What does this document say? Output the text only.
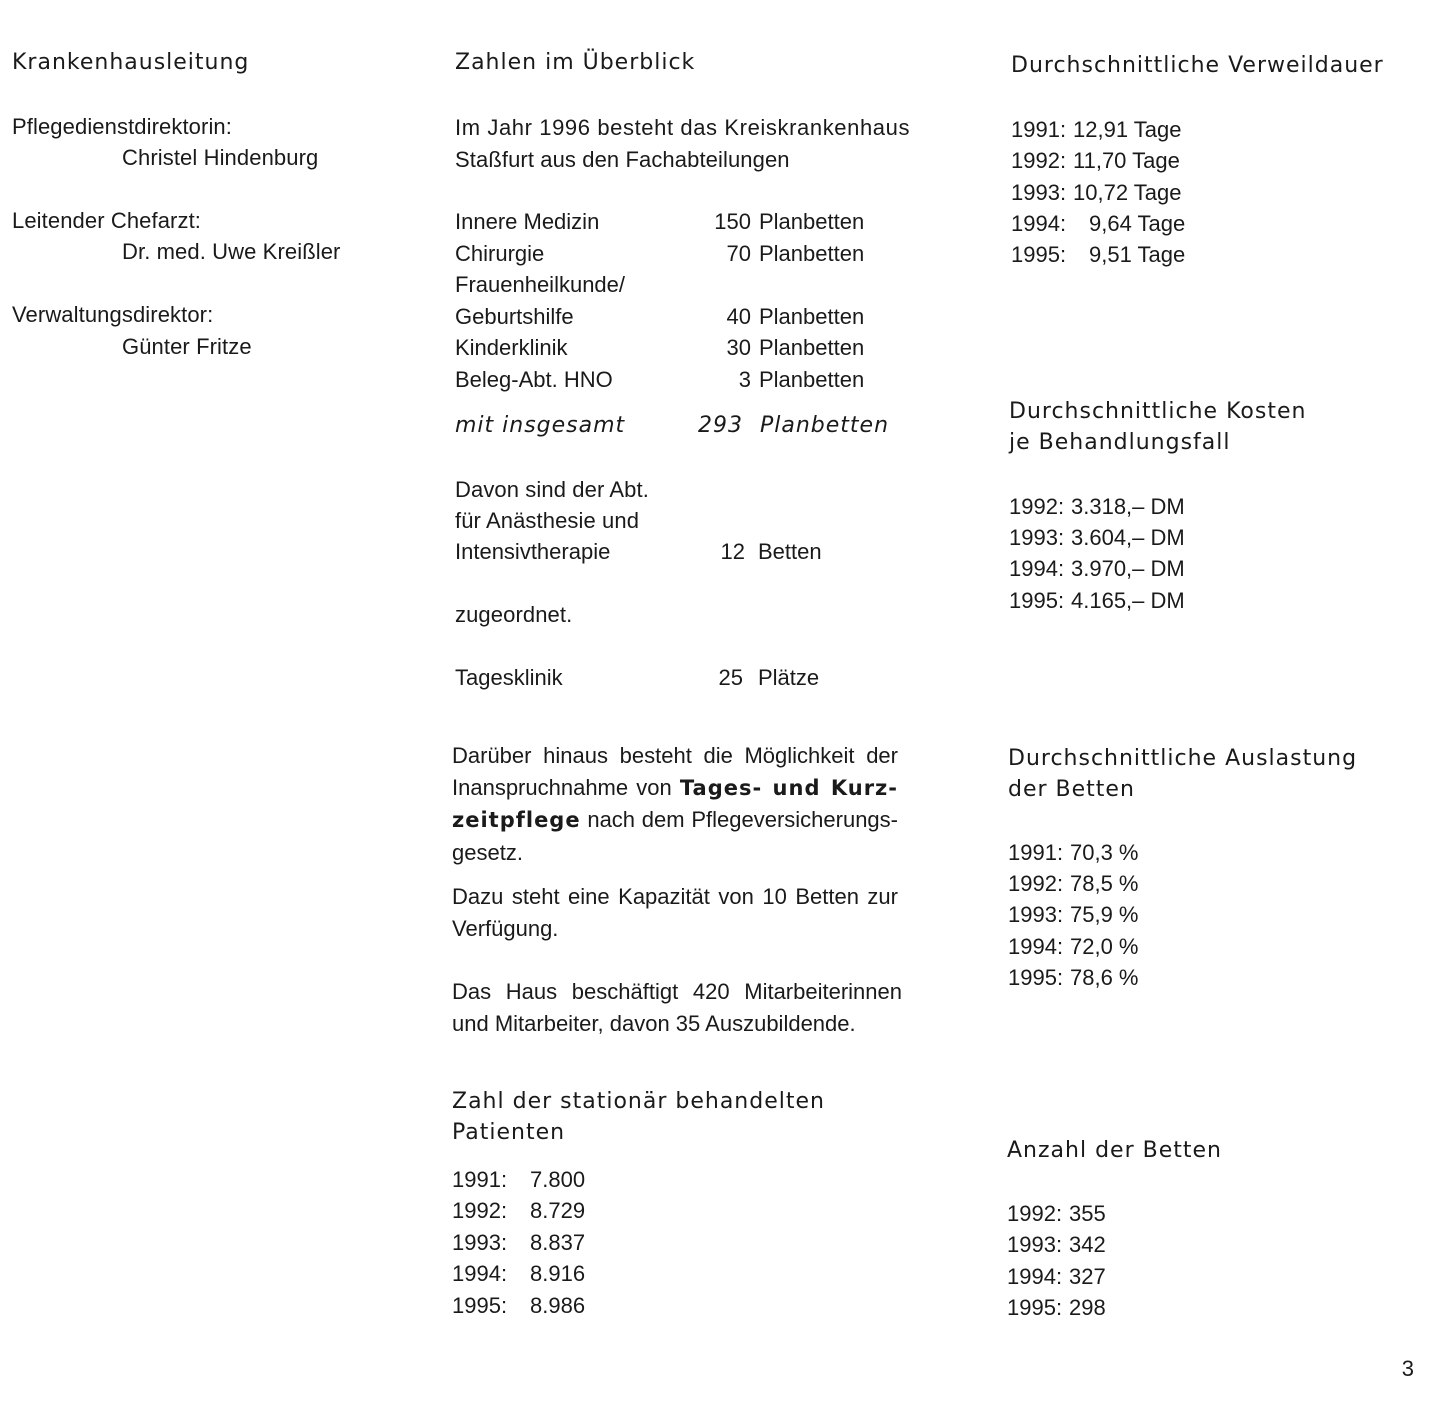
Krankenhausleitung

Pflegedienstdirektorin:

Christel Hindenburg

Leitender Chefarzt:

Dr. med. Uwe Kreißler

Verwaltungsdirektor:

Günter Fritze

Zahlen im Überblick

Im Jahr 1996 besteht das Kreiskrankenhaus

Staßfurt aus den Fachabteilungen

Innere Medizin	150 Planbetten
Chirurgie	70 Planbetten
Frauenheilkunde/
Geburtshilfe	40 Planbetten
Kinderklinik	30 Planbetten
Beleg-Abt. HNO	3 Planbetten
mit insgesamt	293 Planbetten

Davon sind der Abt.

für Anästhesie und

Intensivtherapie	12 Betten

zugeordnet.

Tagesklinik	25 Plätze

Darüber hinaus besteht die Möglichkeit der Inanspruchnahme von Tages- und Kurz-zeitpflege nach dem Pflegeversicherungs-gesetz.

Dazu steht eine Kapazität von 10 Betten zur Verfügung.

Das Haus beschäftigt 420 Mitarbeiterinnen und Mitarbeiter, davon 35 Auszubildende.

Zahl der stationär behandelten
Patienten
1991: 7.800
1992: 8.729
1993: 8.837
1994: 8.916
1995: 8.986
Durchschnittliche Verweildauer
1991: 12,91 Tage
1992: 11,70 Tage
1993: 10,72 Tage
1994: 9,64 Tage
1995: 9,51 Tage
Durchschnittliche Kosten
je Behandlungsfall
1992: 3.318,– DM
1993: 3.604,– DM
1994: 3.970,– DM
1995: 4.165,– DM
Durchschnittliche Auslastung
der Betten
1991: 70,3 %
1992: 78,5 %
1993: 75,9 %
1994: 72,0 %
1995: 78,6 %
Anzahl der Betten
1992: 355
1993: 342
1994: 327
1995: 298
3
